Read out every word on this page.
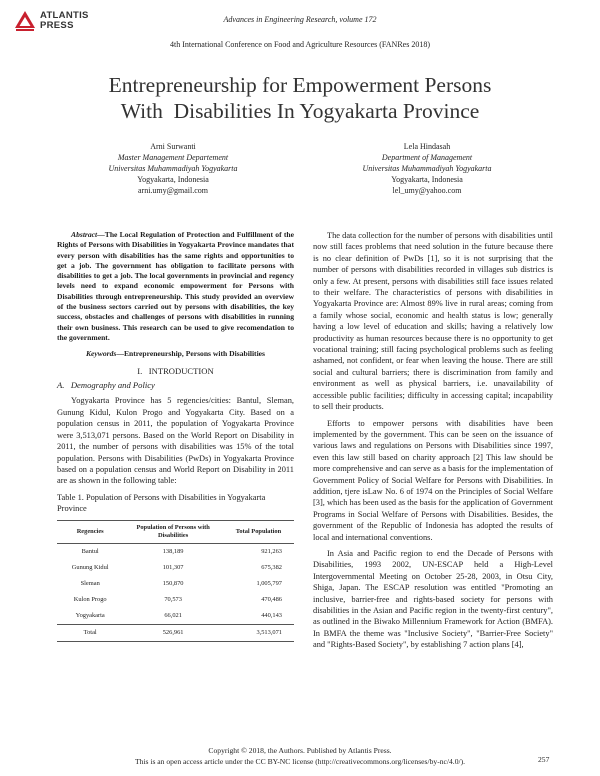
ATLANTIS
PRESS
Advances in Engineering Research, volume 172
4th International Conference on Food and Agriculture Resources (FANRes 2018)
Entrepreneurship for Empowerment Persons
With  Disabilities In Yogyakarta Province
Arni Surwanti
Master Management Departement
Universitas Muhammadiyah Yogyakarta
Yogyakarta, Indonesia
arni.umy@gmail.com
Lela Hindasah
Department of Management
Universitas Muhammadiyah Yogyakarta
Yogyakarta, Indonesia
lel_umy@yahoo.com
Abstract—The Local Regulation of Protection and Fulfillment of the Rights of Persons with Disabilities in Yogyakarta Province mandates that every person with disabilities has the same rights and opportunities to get a job. The government has obligation to facilitate persons with disabilities to get a job. The local governments in provincial and regency levels need to expand economic empowerment for Persons with Disabilities through entrepreneurship. This study provided an overview of the business sectors carried out by persons with disabilities, the key success, obstacles and challenges of persons with disabilities in running their own business. This research can be used to give recomendation to the government.
Keywords—Entrepreneurship, Persons with Disabilities
I.   INTRODUCTION
A.   Demography and Policy

Yogyakarta Province has 5 regencies/cities: Bantul, Sleman, Gunung Kidul, Kulon Progo and Yogyakarta City. Based on a population census in 2011, the population of Yogyakarta Province were 3,513,071 persons. Based on the World Report on Disability in 2011, the number of persons with disabilities was 15% of the total population. Persons with Disabilities (PwDs) in Yogyakarta Province based on a population census and World Report on Disability in 2011 are as shown in the following table:

Table 1. Population of Persons with Disabilities in Yogyakarta Province
Regencies	Population of Persons with Disabilities	Total Population
Bantul	138,189	921,263
Gunung Kidul	101,307	675,382
Sleman	150,870	1,005,797
Kulon Progo	70,573	470,486
Yogyakarta	66,021	440,143
Total	526,961	3,513,071

The data collection for the number of persons with disabilities until now still faces problems that need solution in the future because there is no clear definition of PwDs [1], so it is not surprising that the number of persons with disabilities recorded in villages sub districs is only a few. At present, persons with disabilities still face issues related to their welfare. The characteristics of persons with disabilities in Yogyakarta Province are: Almost 89% live in rural areas; coming from a family whose social, economic and health status is low; generally having a low level of education and skills; having a relatively low productivity as human resources because there is no opportunity to get vocational training; still facing psychological problems such as feeling ashamed, not confident, or fear when leaving the house. There are still social and cultural barriers; there is discrimination from family and environment as well as physical barriers, i.e. unavailability of accessible public facilities; difficulty in accessing capital; incapability to sell their products.

Efforts to empower persons with disabilities have been implemented by the government. This can be seen on the issuance of various laws and regulations on Persons with Disabilities since 1997, even this law still based on charity approach [2] This law should be more comprehensive and can serve as a basis for the implementation of Government Policy of Social Welfare for Persons with Disabilities. In addition, tjere isLaw No. 6 of 1974 on the Principles of Social Welfare [3], which has been used as the basis for the application of Government Programs in Social Welfare of Persons with Disabilities. Besides, the government of the Republic of Indonesia has adopted the results of local and international conventions.

In Asia and Pacific region to end the Decade of Persons with Disabilities, 1993 2002, UN-ESCAP held a High-Level Intergovernmental Meeting on October 25-28, 2003, in Otsu City, Shiga, Japan. The ESCAP resolution was entitled "Promoting an inclusive, barrier-free and rights-based society for persons with disabilities in the Asian and Pacific region in the twenty-first century", as outlined in the Biwako Millennium Framework for Action (BMFA). In BMFA the theme was "Inclusive Society", "Barrier-Free Society" and "Rights-Based Society", by establishing 7 action plans [4],

Copyright © 2018, the Authors. Published by Atlantis Press.
This is an open access article under the CC BY-NC license (http://creativecommons.org/licenses/by-nc/4.0/).	257
